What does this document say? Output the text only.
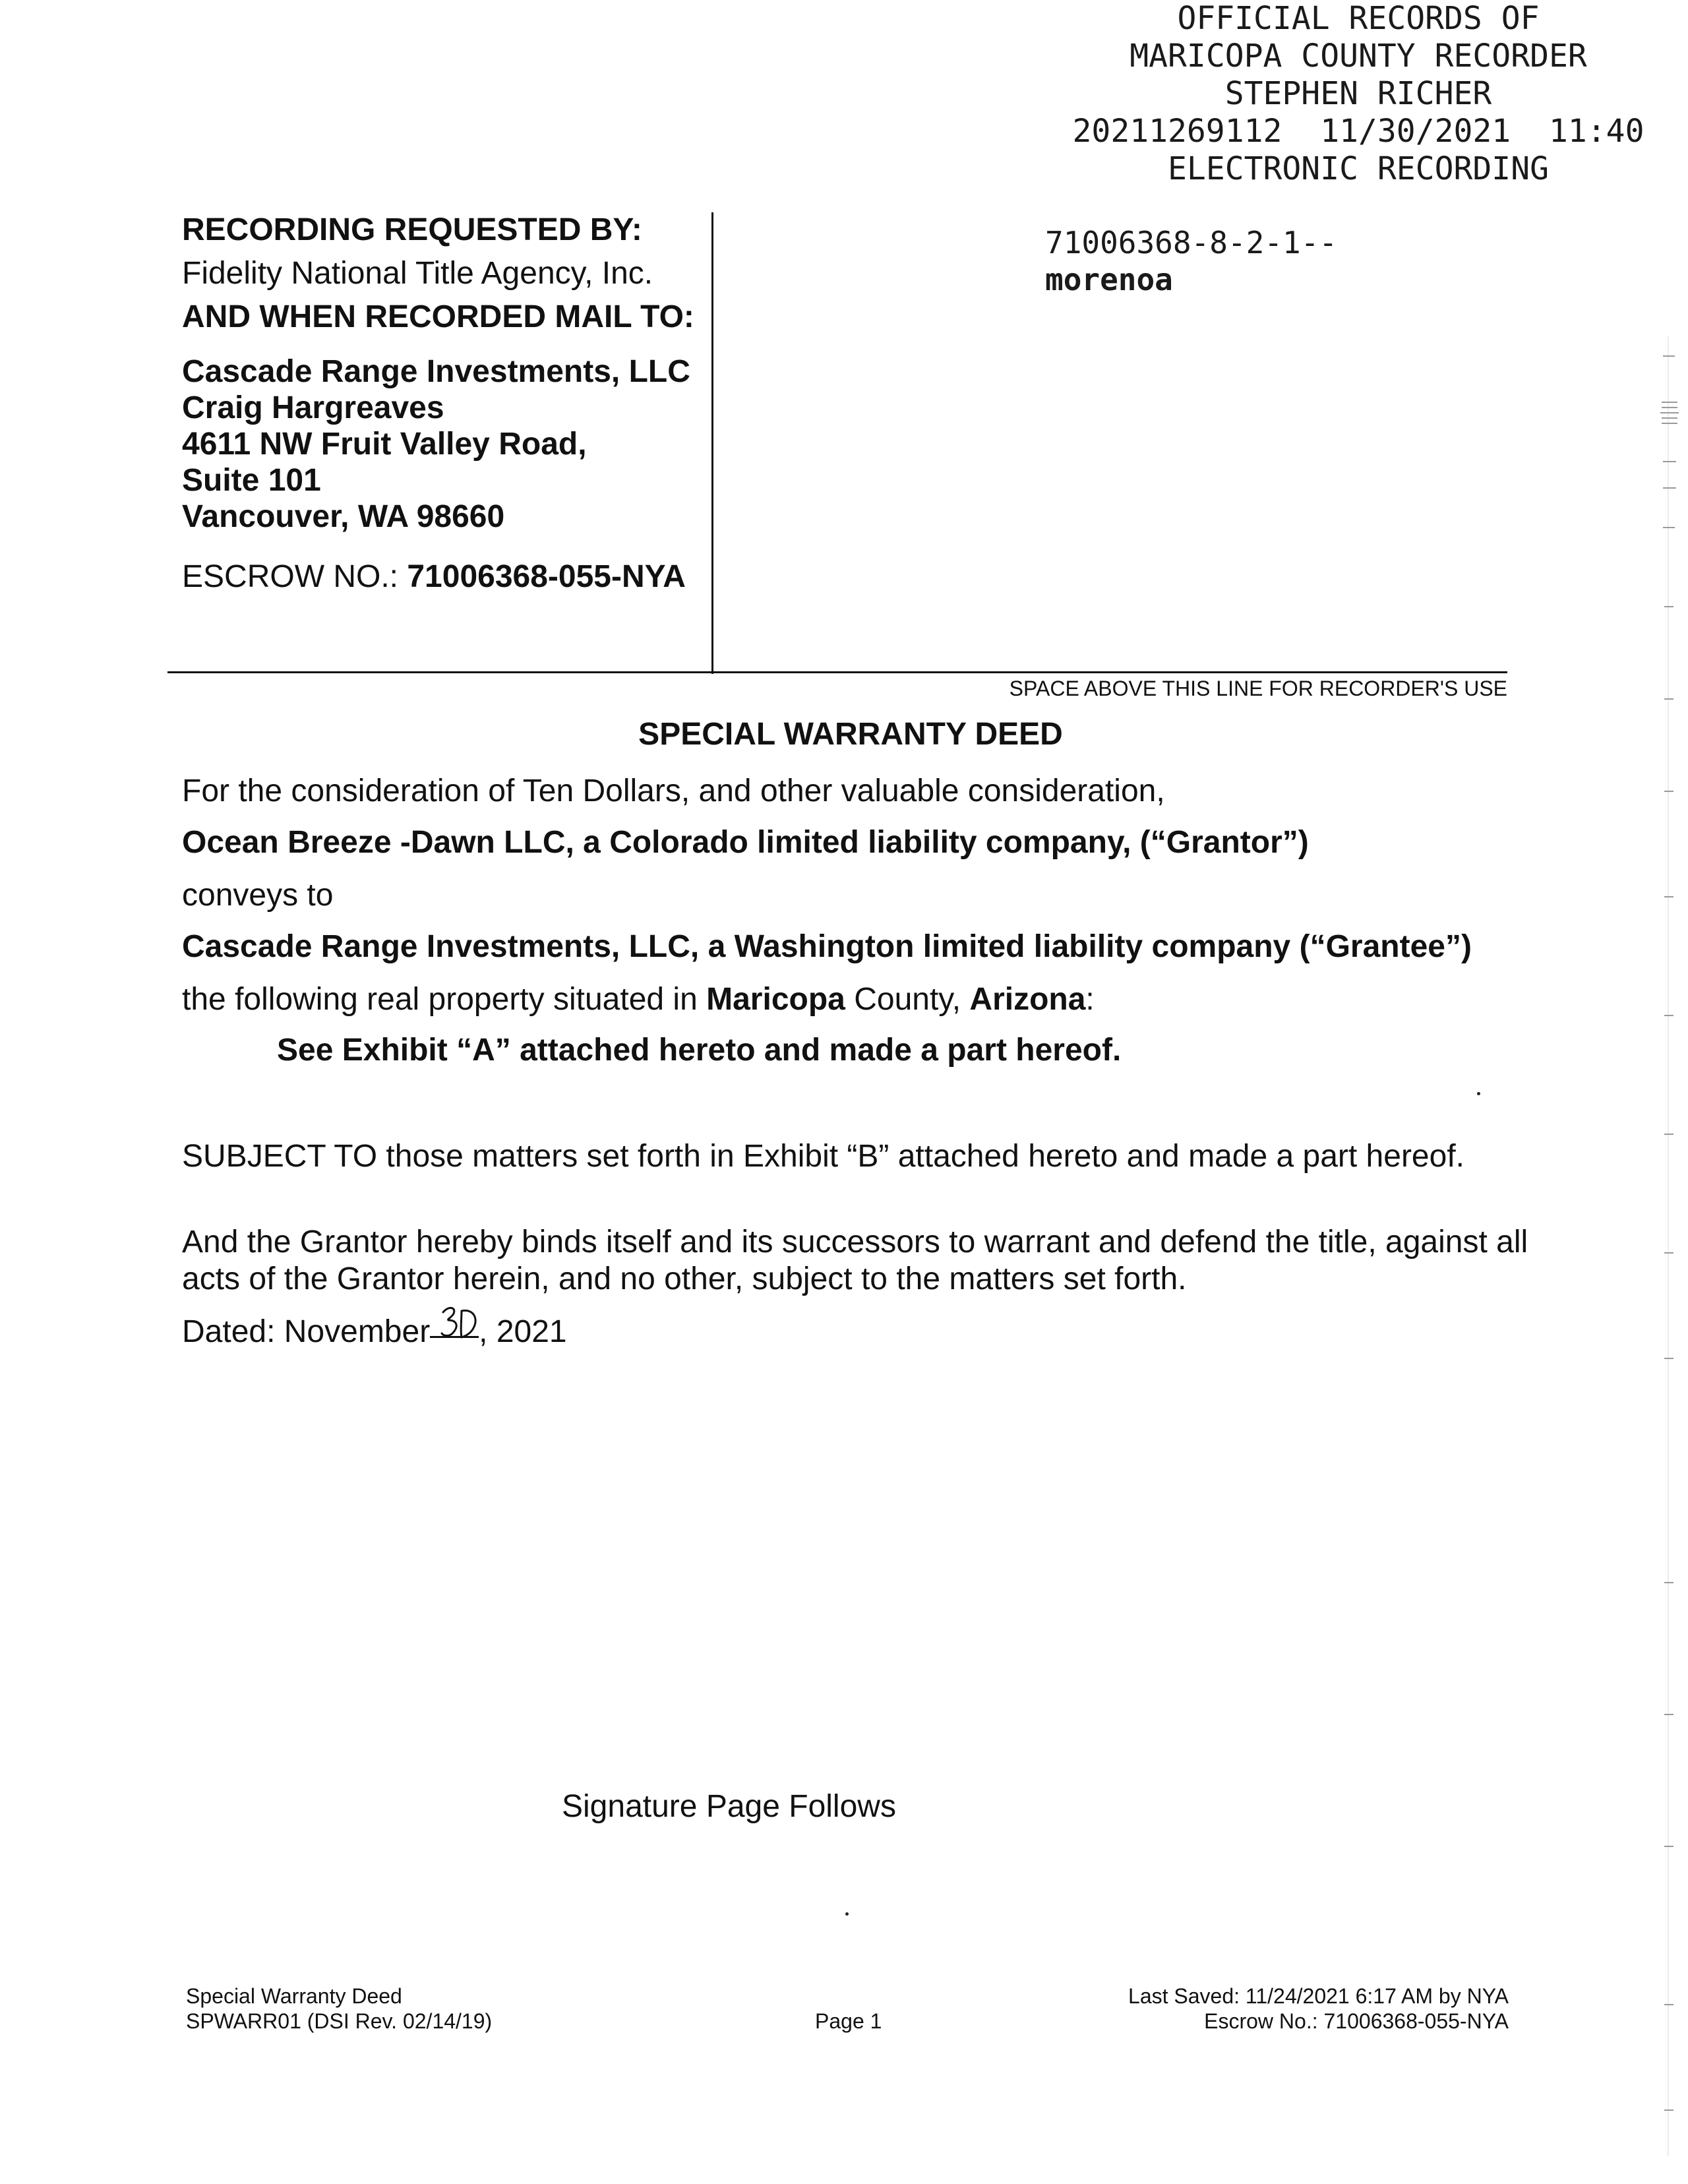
OFFICIAL RECORDS OF
MARICOPA COUNTY RECORDER
STEPHEN RICHER
20211269112  11/30/2021  11:40
ELECTRONIC RECORDING
71006368-8-2-1--
morenoa
RECORDING REQUESTED BY:
Fidelity National Title Agency, Inc.
AND WHEN RECORDED MAIL TO:
Cascade Range Investments, LLC
Craig Hargreaves
4611 NW Fruit Valley Road,
Suite 101
Vancouver, WA 98660
ESCROW NO.: 71006368-055-NYA
SPACE ABOVE THIS LINE FOR RECORDER'S USE
SPECIAL WARRANTY DEED
For the consideration of Ten Dollars, and other valuable consideration,
Ocean Breeze -Dawn LLC, a Colorado limited liability company, (“Grantor”)
conveys to
Cascade Range Investments, LLC, a Washington limited liability company (“Grantee”)
the following real property situated in Maricopa County, Arizona:
See Exhibit “A” attached hereto and made a part hereof.
SUBJECT TO those matters set forth in Exhibit “B” attached hereto and made a part hereof.
And the Grantor hereby binds itself and its successors to warrant and defend the title, against all acts of the Grantor herein, and no other, subject to the matters set forth.
Dated: November , 2021
Signature Page Follows
Special Warranty Deed
SPWARR01 (DSI Rev. 02/14/19)	Page 1
Last Saved: 11/24/2021 6:17 AM by NYA
Escrow No.: 71006368-055-NYA
